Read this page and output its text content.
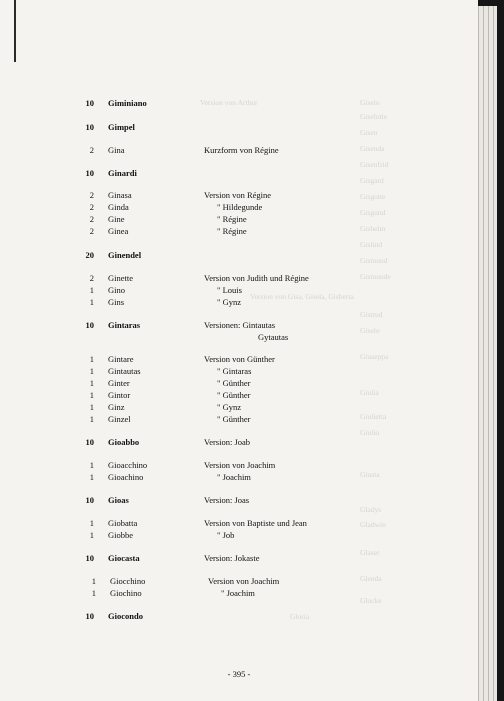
Version von Arthur	Giselo
Giselotte
Gisen
Gisenda
Gisenfrid
Gisgard
Gisgotte
Gisgund
Gishelm
Gislind
Gismund
Gismunde
Version von Gisa, Gisela, Gisberta
Gistrud
Giselo
Giuseppa
Giulia
Giulietta
Giulio
Giusta
Gladys
Gladwin
Glaser
Glenda
Glocke
Gloria
10 Giminiano
10 Gimpel
2 Gina	Kurzform von Régine
10 Ginardi
2 Ginasa	Version von Régine
2 Ginda	" Hildegunde
2 Gine	" Régine
2 Ginea	" Régine
20 Ginendel
2 Ginette	Version von Judith und Régine
1 Gino	" Louis
1 Gins	" Gynz
10 Gintaras	Versionen: Gintautas
Gytautas
1 Gintare	Version von Günther
1 Gintautas	" Gintaras
1 Ginter	" Günther
1 Gintor	" Günther
1 Ginz	" Gynz
1 Ginzel	" Günther
10 Gioabbo	Version: Joab
1 Gioacchino	Version von Joachim
1 Gioachino	" Joachim
10 Gioas	Version: Joas
1 Giobatta	Version von Baptiste und Jean
1 Giobbe	" Job
10 Giocasta	Version: Jokaste
1 Giocchino	Version von Joachim
1 Giochino	" Joachim
10 Giocondo
- 395 -
